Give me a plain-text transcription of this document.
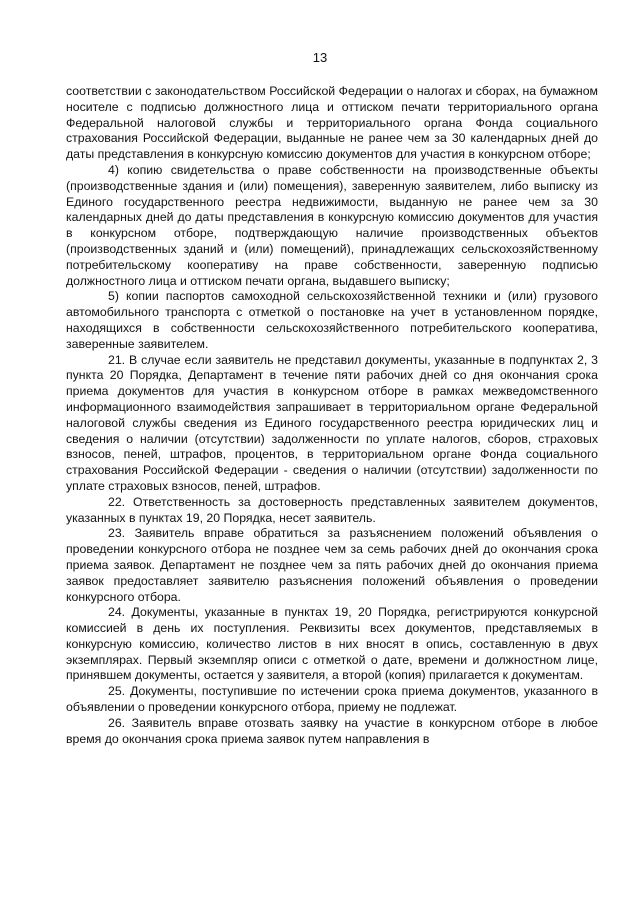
13

соответствии с законодательством Российской Федерации о налогах и сборах, на бумажном носителе с подписью должностного лица и оттиском печати территориального органа Федеральной налоговой службы и территориального органа Фонда социального страхования Российской Федерации, выданные не ранее чем за 30 календарных дней до даты представления в конкурсную комиссию документов для участия в конкурсном отборе;

4) копию свидетельства о праве собственности на производственные объекты (производственные здания и (или) помещения), заверенную заявителем, либо выписку из Единого государственного реестра недвижимости, выданную не ранее чем за 30 календарных дней до даты представления в конкурсную комиссию документов для участия в конкурсном отборе, подтверждающую наличие производственных объектов (производственных зданий и (или) помещений), принадлежащих сельскохозяйственному потребительскому кооперативу на праве собственности, заверенную подписью должностного лица и оттиском печати органа, выдавшего выписку;

5) копии паспортов самоходной сельскохозяйственной техники и (или) грузового автомобильного транспорта с отметкой о постановке на учет в установленном порядке, находящихся в собственности сельскохозяйственного потребительского кооператива, заверенные заявителем.

21. В случае если заявитель не представил документы, указанные в подпунктах 2, 3 пункта 20 Порядка, Департамент в течение пяти рабочих дней со дня окончания срока приема документов для участия в конкурсном отборе в рамках межведомственного информационного взаимодействия запрашивает в территориальном органе Федеральной налоговой службы сведения из Единого государственного реестра юридических лиц и сведения о наличии (отсутствии) задолженности по уплате налогов, сборов, страховых взносов, пеней, штрафов, процентов, в территориальном органе Фонда социального страхования Российской Федерации - сведения о наличии (отсутствии) задолженности по уплате страховых взносов, пеней, штрафов.

22. Ответственность за достоверность представленных заявителем документов, указанных в пунктах 19, 20 Порядка, несет заявитель.

23. Заявитель вправе обратиться за разъяснением положений объявления о проведении конкурсного отбора не позднее чем за семь рабочих дней до окончания срока приема заявок. Департамент не позднее чем за пять рабочих дней до окончания приема заявок предоставляет заявителю разъяснения положений объявления о проведении конкурсного отбора.

24. Документы, указанные в пунктах 19, 20 Порядка, регистрируются конкурсной комиссией в день их поступления. Реквизиты всех документов, представляемых в конкурсную комиссию, количество листов в них вносят в опись, составленную в двух экземплярах. Первый экземпляр описи с отметкой о дате, времени и должностном лице, принявшем документы, остается у заявителя, а второй (копия) прилагается к документам.

25. Документы, поступившие по истечении срока приема документов, указанного в объявлении о проведении конкурсного отбора, приему не подлежат.

26. Заявитель вправе отозвать заявку на участие в конкурсном отборе в любое время до окончания срока приема заявок путем направления в
